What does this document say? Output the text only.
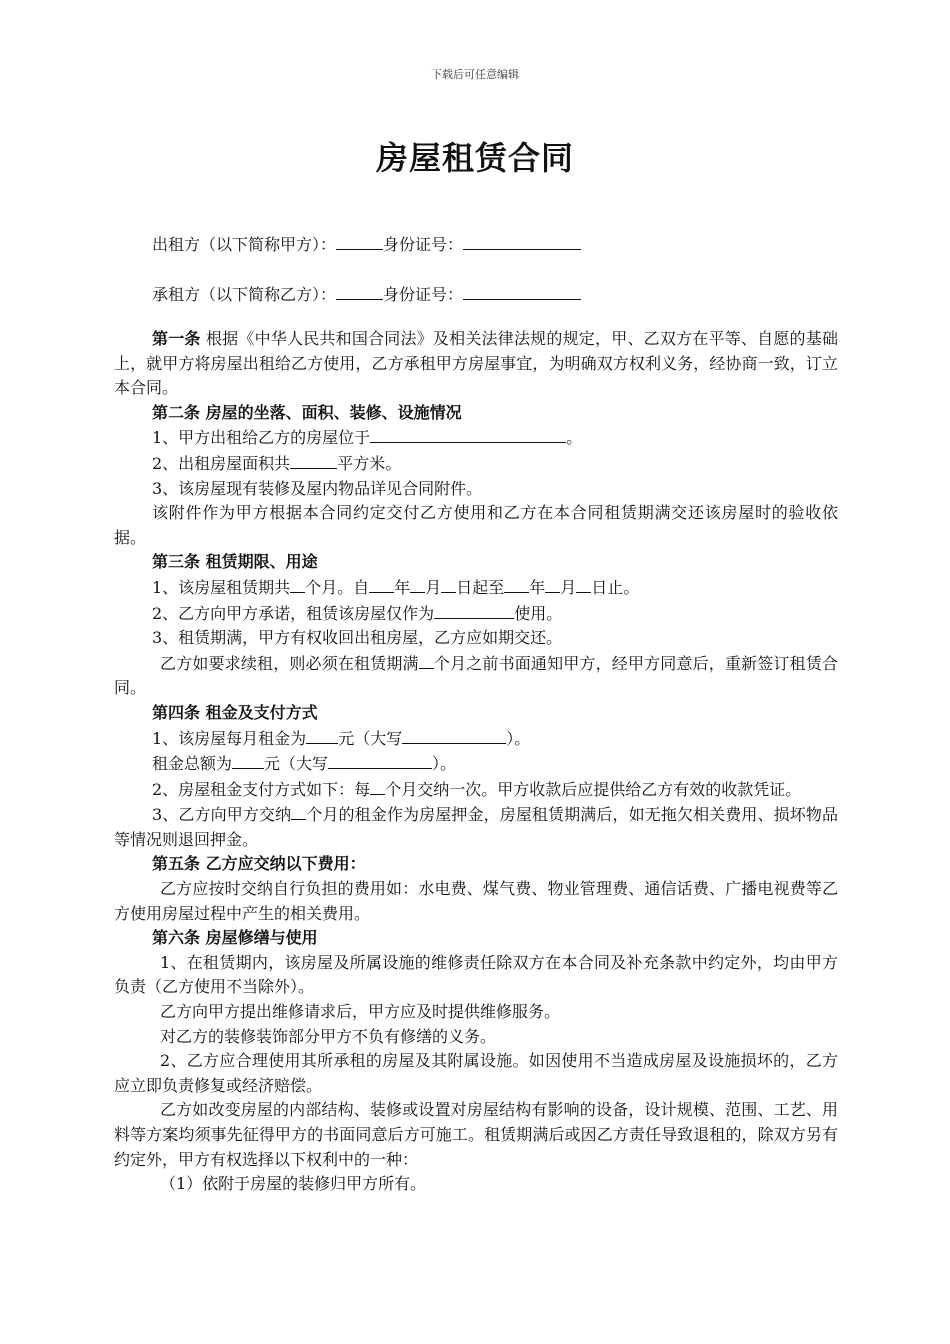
下载后可任意编辑
房屋租赁合同
出租方（以下简称甲方）：	身份证号：
承租方（以下简称乙方）：	身份证号：

第一条 根据《中华人民共和国合同法》及相关法律法规的规定，甲、乙双方在平等、自愿的基础上，就甲方将房屋出租给乙方使用，乙方承租甲方房屋事宜，为明确双方权利义务，经协商一致，订立本合同。

第二条 房屋的坐落、面积、装修、设施情况

1、甲方出租给乙方的房屋位于	。

2、出租房屋面积共	平方米。

3、该房屋现有装修及屋内物品详见合同附件。

该附件作为甲方根据本合同约定交付乙方使用和乙方在本合同租赁期满交还该房屋时的验收依据。

第三条 租赁期限、用途

1、该房屋租赁期共 个月。自 年 月 日起至 年 月 日止。

2、乙方向甲方承诺，租赁该房屋仅作为	使用。

3、租赁期满，甲方有权收回出租房屋，乙方应如期交还。

乙方如要求续租，则必须在租赁期满 个月之前书面通知甲方，经甲方同意后，重新签订租赁合同。

第四条 租金及支付方式

1、该房屋每月租金为 元（大写	）。

租金总额为 元（大写	）。

2、房屋租金支付方式如下：每 个月交纳一次。甲方收款后应提供给乙方有效的收款凭证。

3、乙方向甲方交纳 个月的租金作为房屋押金，房屋租赁期满后，如无拖欠相关费用、损坏物品等情况则退回押金。

第五条 乙方应交纳以下费用：

乙方应按时交纳自行负担的费用如：水电费、煤气费、物业管理费、通信话费、广播电视费等乙方使用房屋过程中产生的相关费用。

第六条 房屋修缮与使用

1、在租赁期内，该房屋及所属设施的维修责任除双方在本合同及补充条款中约定外，均由甲方负责（乙方使用不当除外）。

乙方向甲方提出维修请求后，甲方应及时提供维修服务。

对乙方的装修装饰部分甲方不负有修缮的义务。

2、乙方应合理使用其所承租的房屋及其附属设施。如因使用不当造成房屋及设施损坏的，乙方应立即负责修复或经济赔偿。

乙方如改变房屋的内部结构、装修或设置对房屋结构有影响的设备，设计规模、范围、工艺、用料等方案均须事先征得甲方的书面同意后方可施工。租赁期满后或因乙方责任导致退租的，除双方另有约定外，甲方有权选择以下权利中的一种：

（1）依附于房屋的装修归甲方所有。
